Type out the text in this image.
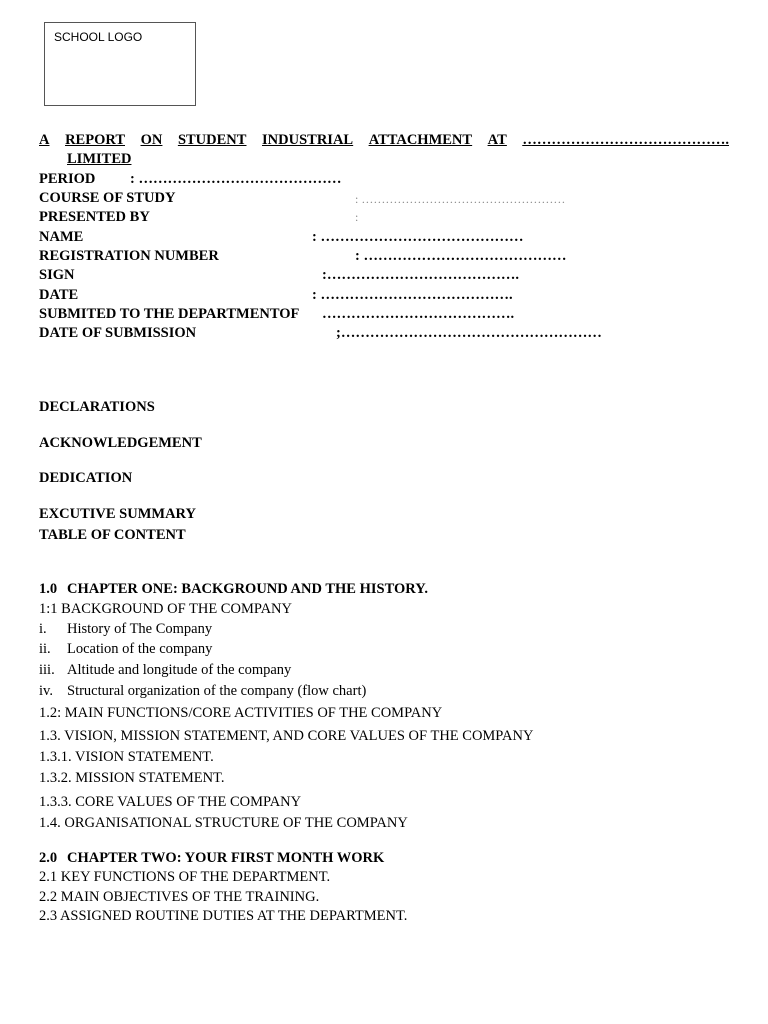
SCHOOL LOGO
A REPORT ON STUDENT INDUSTRIAL ATTACHMENT AT …………………………………….
LIMITED
PERIOD : ……………………………………
COURSE OF STUDY	: ……………………………………………
PRESENTED BY	:
NAME	: ……………………………………
REGISTRATION NUMBER	: ……………………………………
SIGN	:………………………………….
DATE	: ………………………………….
SUBMITED TO THE DEPARTMENTOF ………………………………….
DATE OF SUBMISSION	;………………………………………………
DECLARATIONS
ACKNOWLEDGEMENT
DEDICATION
EXCUTIVE SUMMARY
TABLE OF CONTENT
1.0 CHAPTER ONE: BACKGROUND AND THE HISTORY.
1:1 BACKGROUND OF THE COMPANY
i. History of The Company
ii. Location of the company
iii. Altitude and longitude of the company
iv. Structural organization of the company (flow chart)
1.2: MAIN FUNCTIONS/CORE ACTIVITIES OF THE COMPANY
1.3. VISION, MISSION STATEMENT, AND CORE VALUES OF THE COMPANY
1.3.1. VISION STATEMENT.
1.3.2. MISSION STATEMENT.
1.3.3. CORE VALUES OF THE COMPANY
1.4. ORGANISATIONAL STRUCTURE OF THE COMPANY
2.0 CHAPTER TWO: YOUR FIRST MONTH WORK
2.1 KEY FUNCTIONS OF THE DEPARTMENT.
2.2 MAIN OBJECTIVES OF THE TRAINING.
2.3 ASSIGNED ROUTINE DUTIES AT THE DEPARTMENT.
